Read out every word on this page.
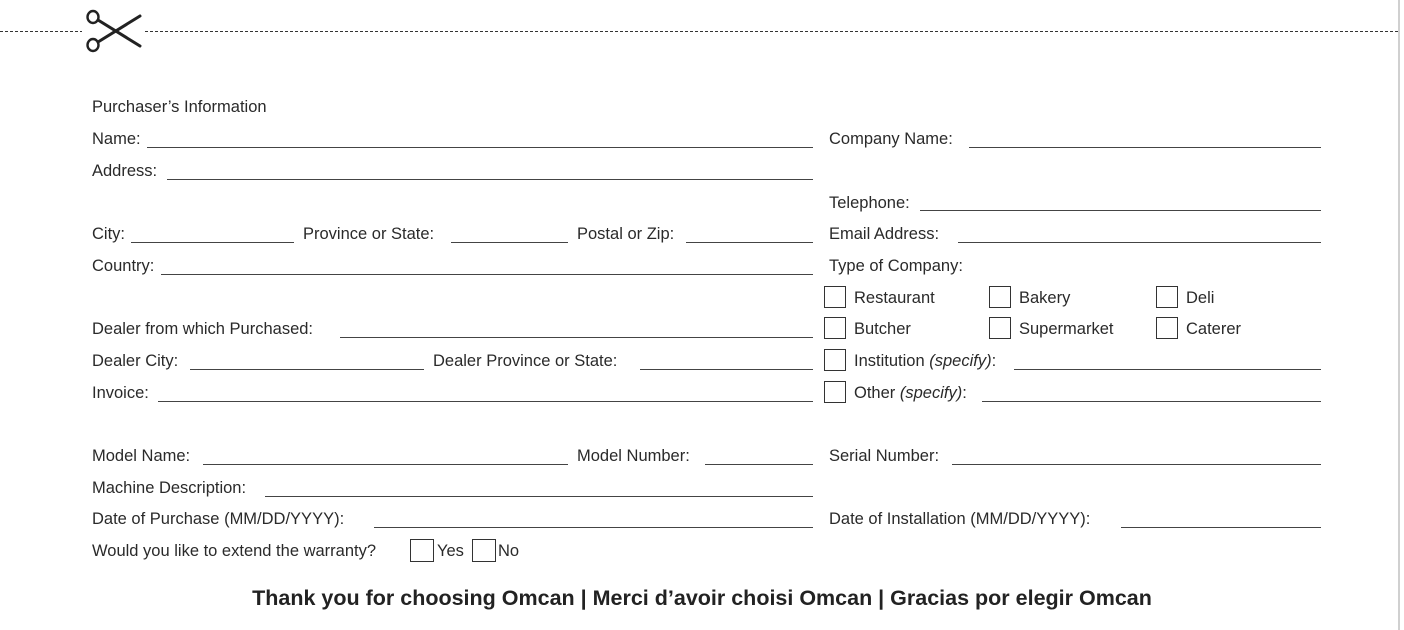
Purchaser’s Information
Name:	Company Name:
Address:
Telephone:
City:	Province or State:	Postal or Zip:	Email Address:
Country:	Type of Company:
Restaurant	Bakery	Deli
Dealer from which Purchased:	Butcher	Supermarket	Caterer
Dealer City:	Dealer Province or State:	Institution (specify):
Invoice:	Other (specify):
Model Name:	Model Number:	Serial Number:
Machine Description:
Date of Purchase (MM/DD/YYYY):	Date of Installation (MM/DD/YYYY):
Would you like to extend the warranty?	Yes No
Thank you for choosing Omcan | Merci d’avoir choisi Omcan | Gracias por elegir Omcan
